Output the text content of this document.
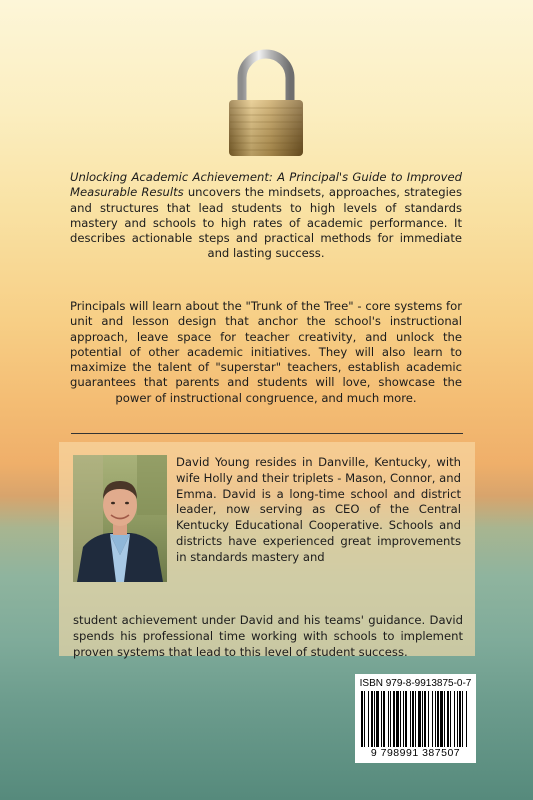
Unlocking Academic Achievement: A Principal's Guide to Improved Measurable Results uncovers the mindsets, approaches, strategies and structures that lead students to high levels of standards mastery and schools to high rates of academic performance. It describes actionable steps and practical methods for immediate and lasting success.

Principals will learn about the "Trunk of the Tree" - core systems for unit and lesson design that anchor the school's instructional approach, leave space for teacher creativity, and unlock the potential of other academic initiatives. They will also learn to maximize the talent of "superstar" teachers, establish academic guarantees that parents and students will love, showcase the power of instructional congruence, and much more.

David Young resides in Danville, Kentucky, with wife Holly and their triplets - Mason, Connor, and Emma. David is a long-time school and district leader, now serving as CEO of the Central Kentucky Educational Cooperative. Schools and districts have experienced great improvements in standards mastery and

student achievement under David and his teams' guidance. David spends his professional time working with schools to implement proven systems that lead to this level of student success.

ISBN 979-8-9913875-0-7
9 798991 387507
